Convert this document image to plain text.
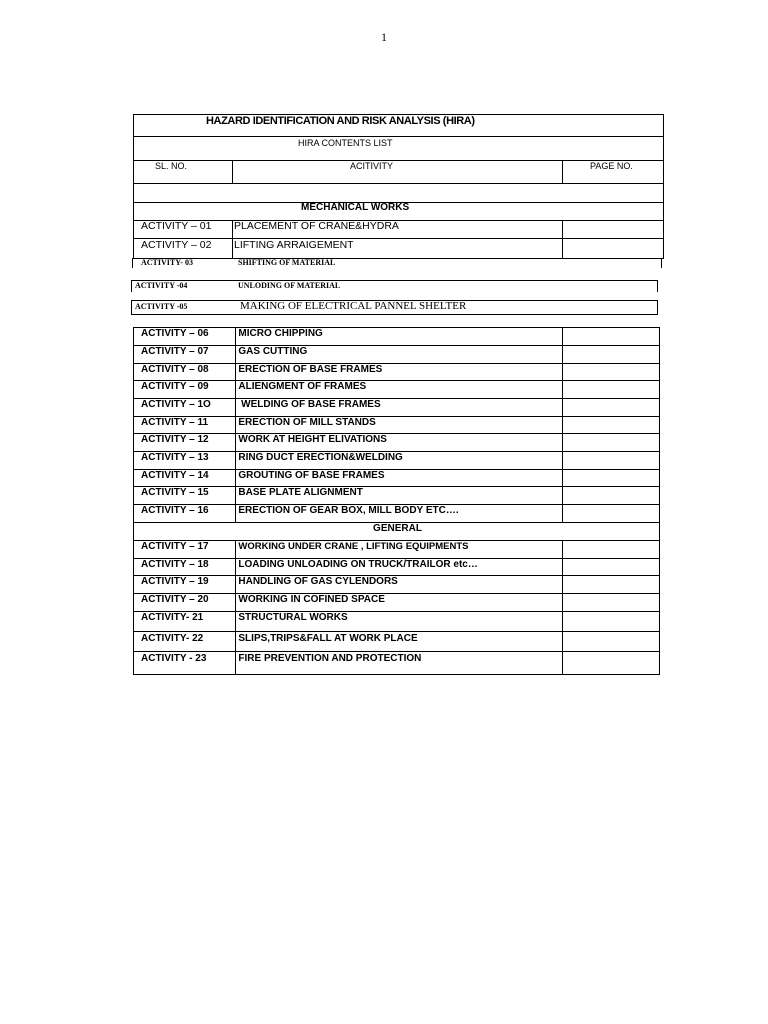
1
HAZARD IDENTIFICATION AND RISK ANALYSIS (HIRA)
HIRA CONTENTS LIST
SL. NO.	ACITIVITY	PAGE NO.
MECHANICAL WORKS
ACTIVITY – 01 PLACEMENT OF CRANE&HYDRA
ACTIVITY – 02 LIFTING ARRAIGEMENT
ACTIVITY- 03	SHIFTING OF MATERIAL
ACTIVITY -04	UNLODING OF MATERIAL
ACTIVITY -05	MAKING OF ELECTRICAL PANNEL SHELTER
ACTIVITY – 06	MICRO CHIPPING	
ACTIVITY – 07	GAS CUTTING	
ACTIVITY – 08	ERECTION OF BASE FRAMES	
ACTIVITY – 09	ALIENGMENT OF FRAMES	
ACTIVITY – 1O	WELDING OF BASE FRAMES	
ACTIVITY – 11	ERECTION OF MILL STANDS	
ACTIVITY – 12	WORK AT HEIGHT ELIVATIONS	
ACTIVITY – 13	RING DUCT ERECTION&WELDING	
ACTIVITY – 14	GROUTING OF BASE FRAMES	
ACTIVITY – 15	BASE PLATE ALIGNMENT	
ACTIVITY – 16	ERECTION OF GEAR BOX, MILL BODY ETC….	
GENERAL		
ACTIVITY – 17	WORKING UNDER CRANE , LIFTING EQUIPMENTS	
ACTIVITY – 18	LOADING UNLOADING ON TRUCK/TRAILOR etc…	
ACTIVITY – 19	HANDLING OF GAS CYLENDORS	
ACTIVITY – 20	WORKING IN COFINED SPACE	
ACTIVITY- 21	STRUCTURAL WORKS	
ACTIVITY- 22	SLIPS,TRIPS&FALL AT WORK PLACE	
ACTIVITY - 23	FIRE PREVENTION AND PROTECTION	
